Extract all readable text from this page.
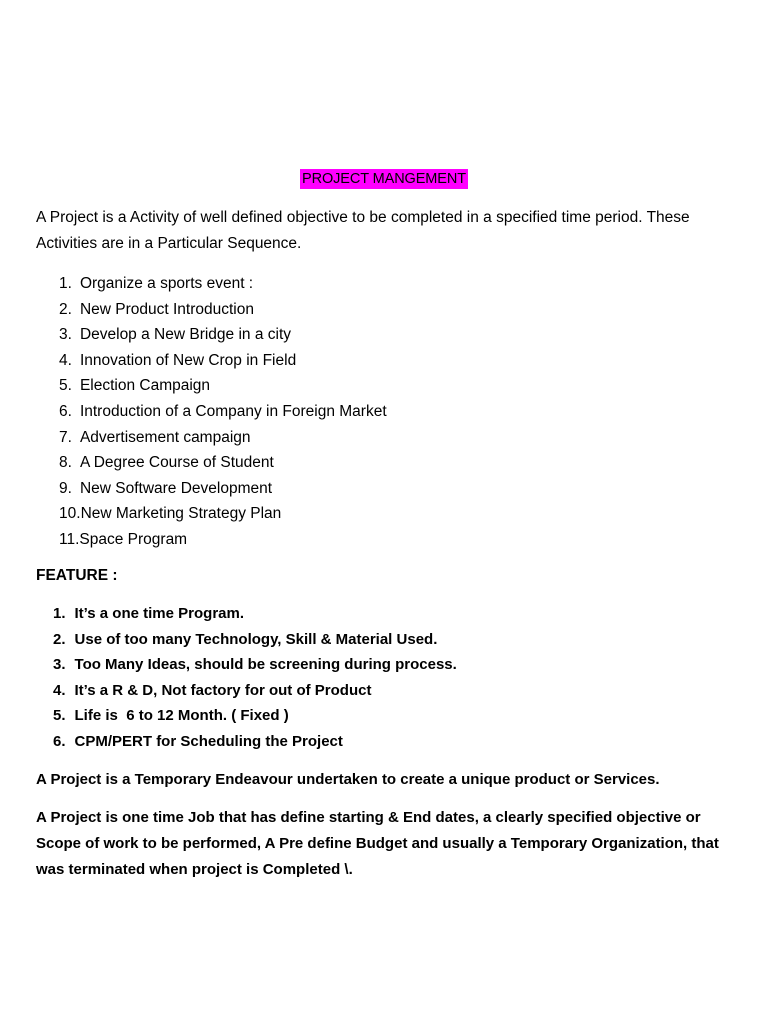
PROJECT MANGEMENT

A Project is a Activity of well defined objective to be completed in a specified time period. These Activities are in a Particular Sequence.

1. Organize a sports event :
2. New Product Introduction
3. Develop a New Bridge in a city
4. Innovation of New Crop in Field
5. Election Campaign
6. Introduction of a Company in Foreign Market
7. Advertisement campaign
8. A Degree Course of Student
9. New Software Development
10. New Marketing Strategy Plan
11. Space Program

FEATURE :

1. It’s a one time Program.
2. Use of too many Technology, Skill & Material Used.
3. Too Many Ideas, should be screening during process.
4. It’s a R & D, Not factory for out of Product
5. Life is  6 to 12 Month. ( Fixed )
6. CPM/PERT for Scheduling the Project

A Project is a Temporary Endeavour undertaken to create a unique product or Services.

A Project is one time Job that has define starting & End dates, a clearly specified objective or Scope of work to be performed, A Pre define Budget and usually a Temporary Organization, that was terminated when project is Completed \.
